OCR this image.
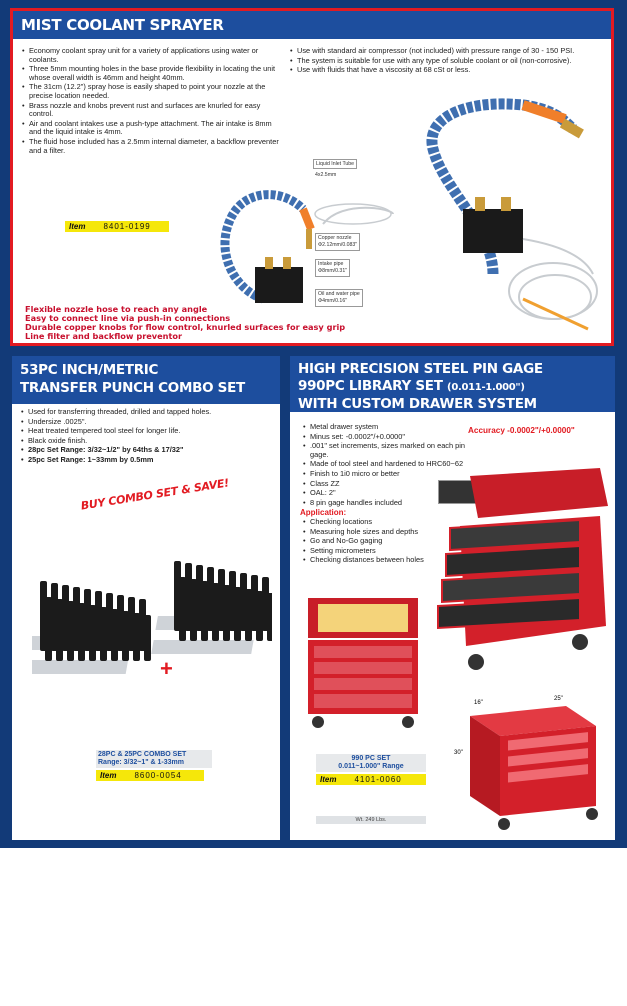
MIST COOLANT SPRAYER
• Economy coolant spray unit for a variety of applications using water or coolants.
• Three 5mm mounting holes in the base provide flexibility in locating the unit whose overall width is 46mm and height 40mm.
• The 31cm (12.2") spray hose is easily shaped to point your nozzle at the precise location needed.
• Brass nozzle and knobs prevent rust and surfaces are knurled for easy control.
• Air and coolant intakes use a push-type attachment. The air intake is 8mm and the liquid intake is 4mm.
• The fluid hose included has a 2.5mm internal diameter, a backflow preventer and a filter.
• Use with standard air compressor (not included) with pressure range of 30 - 150 PSI.
• The system is suitable for use with any type of soluble coolant or oil (non-corrosive).
• Use with fluids that have a viscosity at 68 cSt or less.
Item 8401-0199
Liquid Inlet Tube
4x2.5mm
Copper nozzle
Φ2.12mm/0.083"
Intake pipe
Φ8mm/0.31"
Oil and water pipe
Φ4mm/0.16"
Flexible nozzle hose to reach any angle
Easy to connect line via push-in connections
Durable copper knobs for flow control, knurled surfaces for easy grip
Line filter and backflow preventor
53PC INCH/METRIC
TRANSFER PUNCH COMBO SET
• Used for transferring threaded, drilled and tapped holes.
• Undersize .0025".
• Heat treated tempered tool steel for longer life.
• Black oxide finish.
• 28pc Set Range: 3/32~1/2" by 64ths & 17/32"
• 25pc Set Range: 1~33mm by 0.5mm
BUY COMBO SET & SAVE!
+
28PC & 25PC COMBO SET
Range: 3/32~1" & 1-33mm
Item 8600-0054
HIGH PRECISION STEEL PIN GAGE
990PC LIBRARY SET (0.011-1.000")
WITH CUSTOM DRAWER SYSTEM
Accuracy -0.0002"/+0.0000"
• Metal drawer system
• Minus set: -0.0002"/+0.0000"
• .001" set increments, sizes marked on each pin gage.
• Made of tool steel and hardened to HRC60~62
• Finish to 1i0 micro or better
• Class ZZ
• OAL: 2"
• 8 pin gage handles included
Application:
• Checking locations
• Measuring hole sizes and depths
• Go and No-Go gaging
• Setting micrometers
• Checking distances between holes
16"
25"
30"
990 PC SET
0.011~1.000" Range
Item 4101-0060
Wt. 249 Lbs.
